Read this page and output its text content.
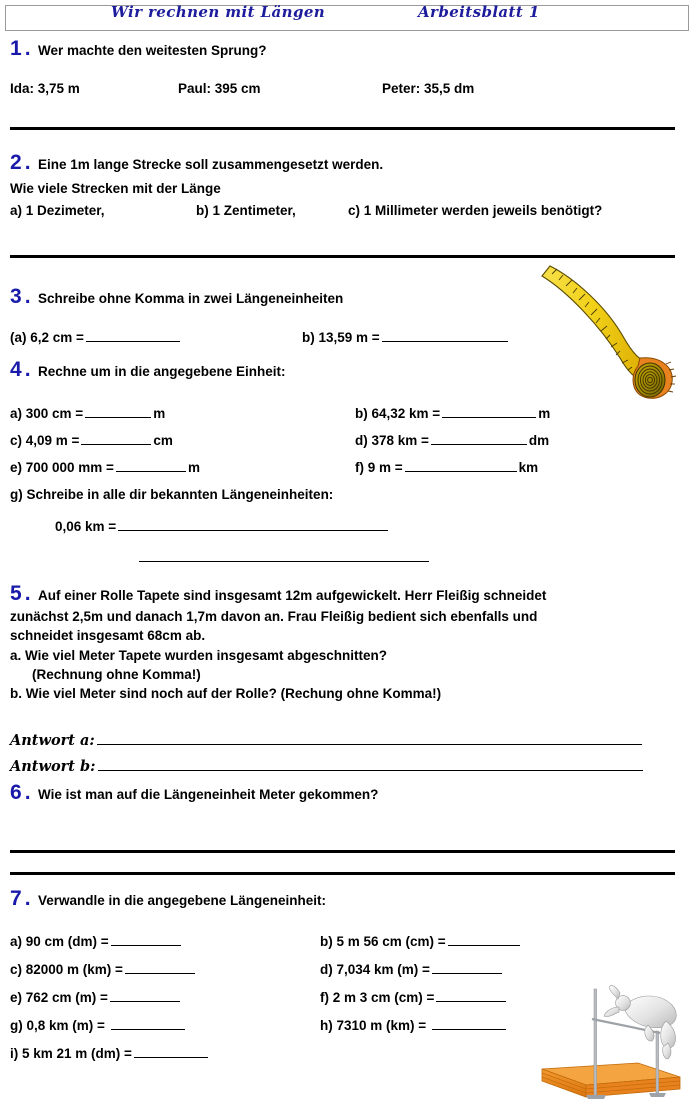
Wir rechnen mit Längen	Arbeitsblatt 1
1 . Wer machte den weitesten Sprung?
Ida: 3,75 m	Paul: 395 cm	Peter: 35,5 dm
2 . Eine 1m lange Strecke soll zusammengesetzt werden.
Wie viele Strecken mit der Länge
a) 1 Dezimeter,	b) 1 Zentimeter,	c) 1 Millimeter werden jeweils benötigt?
3 . Schreibe ohne Komma in zwei Längeneinheiten
(a) 6,2 cm =	b) 13,59 m =
4 . Rechne um in die angegebene Einheit:
a) 300 cm =	m	b) 64,32 km =	m
c) 4,09 m =	cm	d) 378 km =	dm
e) 700 000 mm =	m	f) 9 m =	km
g) Schreibe in alle dir bekannten Längeneinheiten:
0,06 km =
5 . Auf einer Rolle Tapete sind insgesamt 12m aufgewickelt. Herr Fleißig schneidet
zunächst 2,5m und danach 1,7m davon an. Frau Fleißig bedient sich ebenfalls und
schneidet insgesamt 68cm ab.
a. Wie viel Meter Tapete wurden insgesamt abgeschnitten?
(Rechnung ohne Komma!)
b. Wie viel Meter sind noch auf der Rolle? (Rechung ohne Komma!)
Antwort a:
Antwort b:
6 . Wie ist man auf die Längeneinheit Meter gekommen?
7 . Verwandle in die angegebene Längeneinheit:
a) 90 cm (dm) =	b) 5 m 56 cm (cm) =
c) 82000 m (km) =	d) 7,034 km (m) =
e) 762 cm (m) =	f) 2 m 3 cm (cm) =
g) 0,8 km (m) =	h) 7310 m (km) =
i) 5 km 21 m (dm) =
